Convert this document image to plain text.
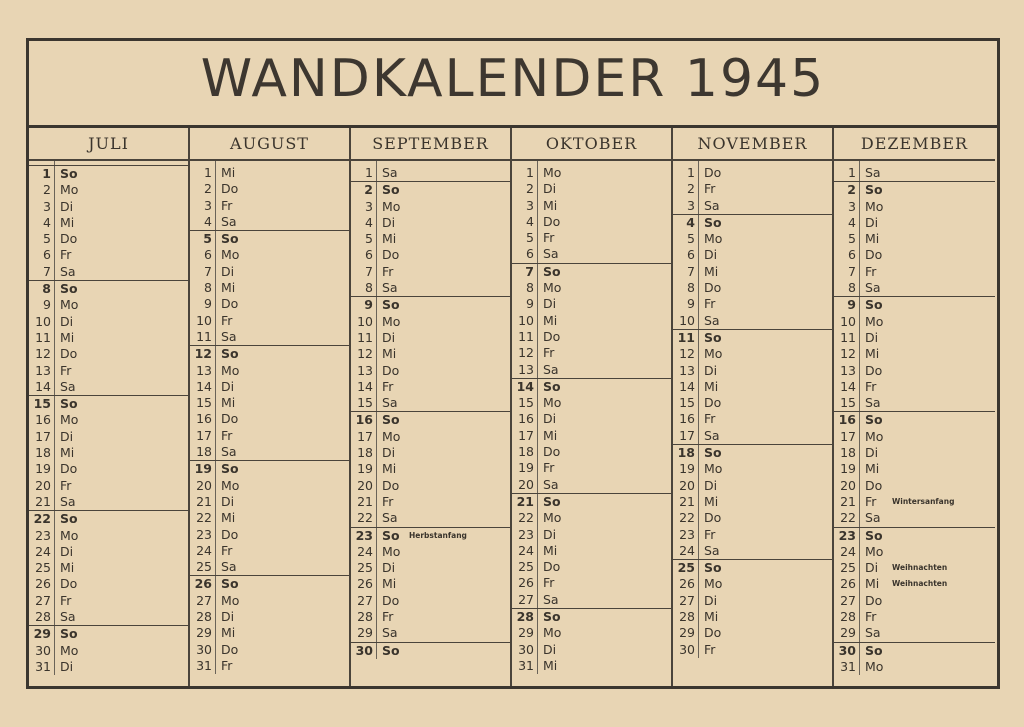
WANDKALENDER 1945
JULI
1 So
2 Mo
3 Di
4 Mi
5 Do
6 Fr
7 Sa
8 So
9 Mo
10 Di
11 Mi
12 Do
13 Fr
14 Sa
15 So
16 Mo
17 Di
18 Mi
19 Do
20 Fr
21 Sa
22 So
23 Mo
24 Di
25 Mi
26 Do
27 Fr
28 Sa
29 So
30 Mo
31 Di
AUGUST
1 Mi
2 Do
3 Fr
4 Sa
5 So
6 Mo
7 Di
8 Mi
9 Do
10 Fr
11 Sa
12 So
13 Mo
14 Di
15 Mi
16 Do
17 Fr
18 Sa
19 So
20 Mo
21 Di
22 Mi
23 Do
24 Fr
25 Sa
26 So
27 Mo
28 Di
29 Mi
30 Do
31 Fr
SEPTEMBER
1 Sa
2 So
3 Mo
4 Di
5 Mi
6 Do
7 Fr
8 Sa
9 So
10 Mo
11 Di
12 Mi
13 Do
14 Fr
15 Sa
16 So
17 Mo
18 Di
19 Mi
20 Do
21 Fr
22 Sa
23 So Herbstanfang
24 Mo
25 Di
26 Mi
27 Do
28 Fr
29 Sa
30 So
OKTOBER
1 Mo
2 Di
3 Mi
4 Do
5 Fr
6 Sa
7 So
8 Mo
9 Di
10 Mi
11 Do
12 Fr
13 Sa
14 So
15 Mo
16 Di
17 Mi
18 Do
19 Fr
20 Sa
21 So
22 Mo
23 Di
24 Mi
25 Do
26 Fr
27 Sa
28 So
29 Mo
30 Di
31 Mi
NOVEMBER
1 Do
2 Fr
3 Sa
4 So
5 Mo
6 Di
7 Mi
8 Do
9 Fr
10 Sa
11 So
12 Mo
13 Di
14 Mi
15 Do
16 Fr
17 Sa
18 So
19 Mo
20 Di
21 Mi
22 Do
23 Fr
24 Sa
25 So
26 Mo
27 Di
28 Mi
29 Do
30 Fr
DEZEMBER
1 Sa
2 So
3 Mo
4 Di
5 Mi
6 Do
7 Fr
8 Sa
9 So
10 Mo
11 Di
12 Mi
13 Do
14 Fr
15 Sa
16 So
17 Mo
18 Di
19 Mi
20 Do
21 Fr Wintersanfang
22 Sa
23 So
24 Mo
25 Di Weihnachten
26 Mi Weihnachten
27 Do
28 Fr
29 Sa
30 So
31 Mo
